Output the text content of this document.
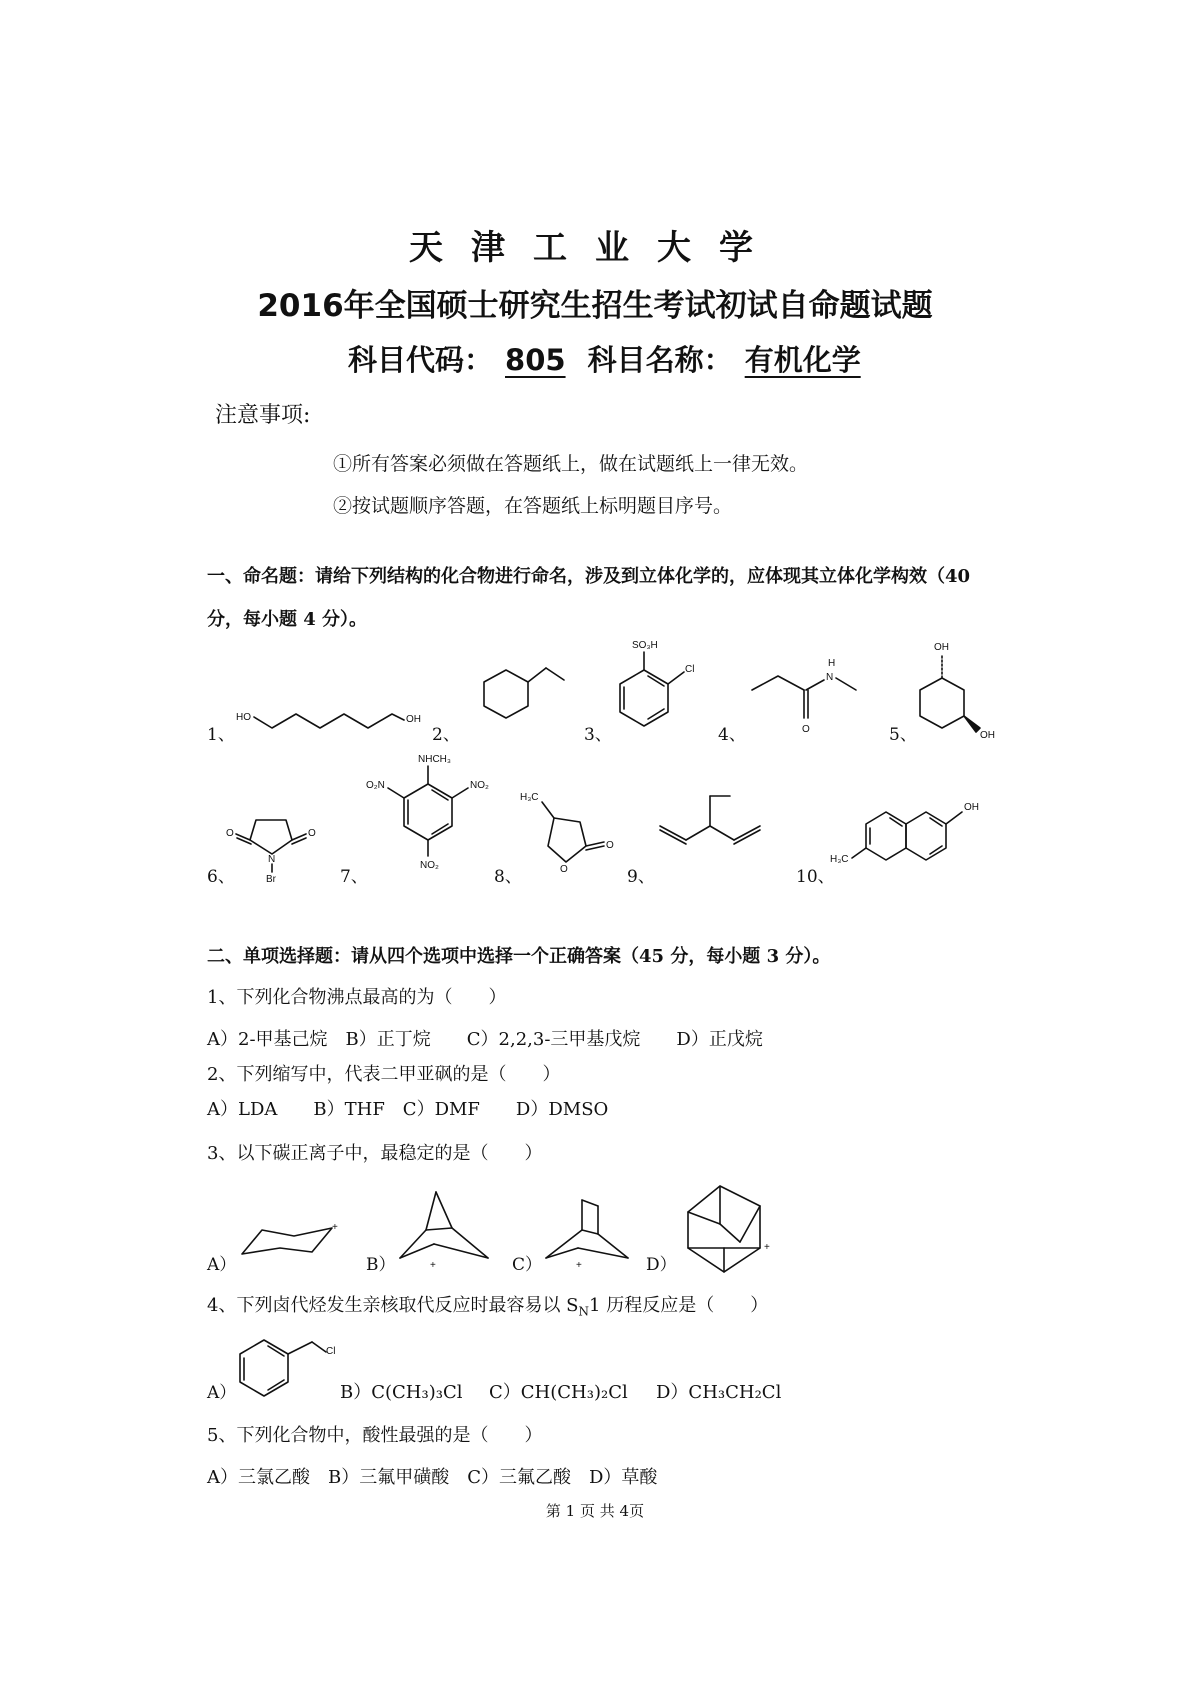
天津工业大学
2016年全国硕士研究生招生考试初试自命题试题
科目代码： 805 科目名称： 有机化学
注意事项:
①所有答案必须做在答题纸上，做在试题纸上一律无效。
②按试题顺序答题，在答题纸上标明题目序号。
一、命名题：请给下列结构的化合物进行命名，涉及到立体化学的，应体现其立体化学构效（40
分，每小题 4 分）。
1、	2、	3、	4、	5、
HO	OH
SO₃H
Cl
O
N
H
OH
OH
6、	7、	8、	9、	10、
O	O
N
Br
NHCH₃
O₂N	NO₂
NO₂
H₃C
O
O
H₃C
OH
二、单项选择题：请从四个选项中选择一个正确答案（45 分，每小题 3 分）。
1、下列化合物沸点最高的为（　　）
A）2-甲基己烷　B）正丁烷　　C）2,2,3-三甲基戊烷　　D）正戊烷
2、下列缩写中，代表二甲亚砜的是（　　）
A）LDA　　B）THF　C）DMF　　D）DMSO
3、以下碳正离子中，最稳定的是（　　）
A）	B）	C）	D）
+
+	+
+
4、下列卤代烃发生亲核取代反应时最容易以 $S_N1$ 历程反应是（　　）
A）
Cl
B）C(CH₃)₃Cl C）CH(CH₃)₂Cl D）CH₃CH₂Cl
5、下列化合物中，酸性最强的是（　　）
A）三氯乙酸　B）三氟甲磺酸　C）三氟乙酸　D）草酸
第 1 页 共 4页
